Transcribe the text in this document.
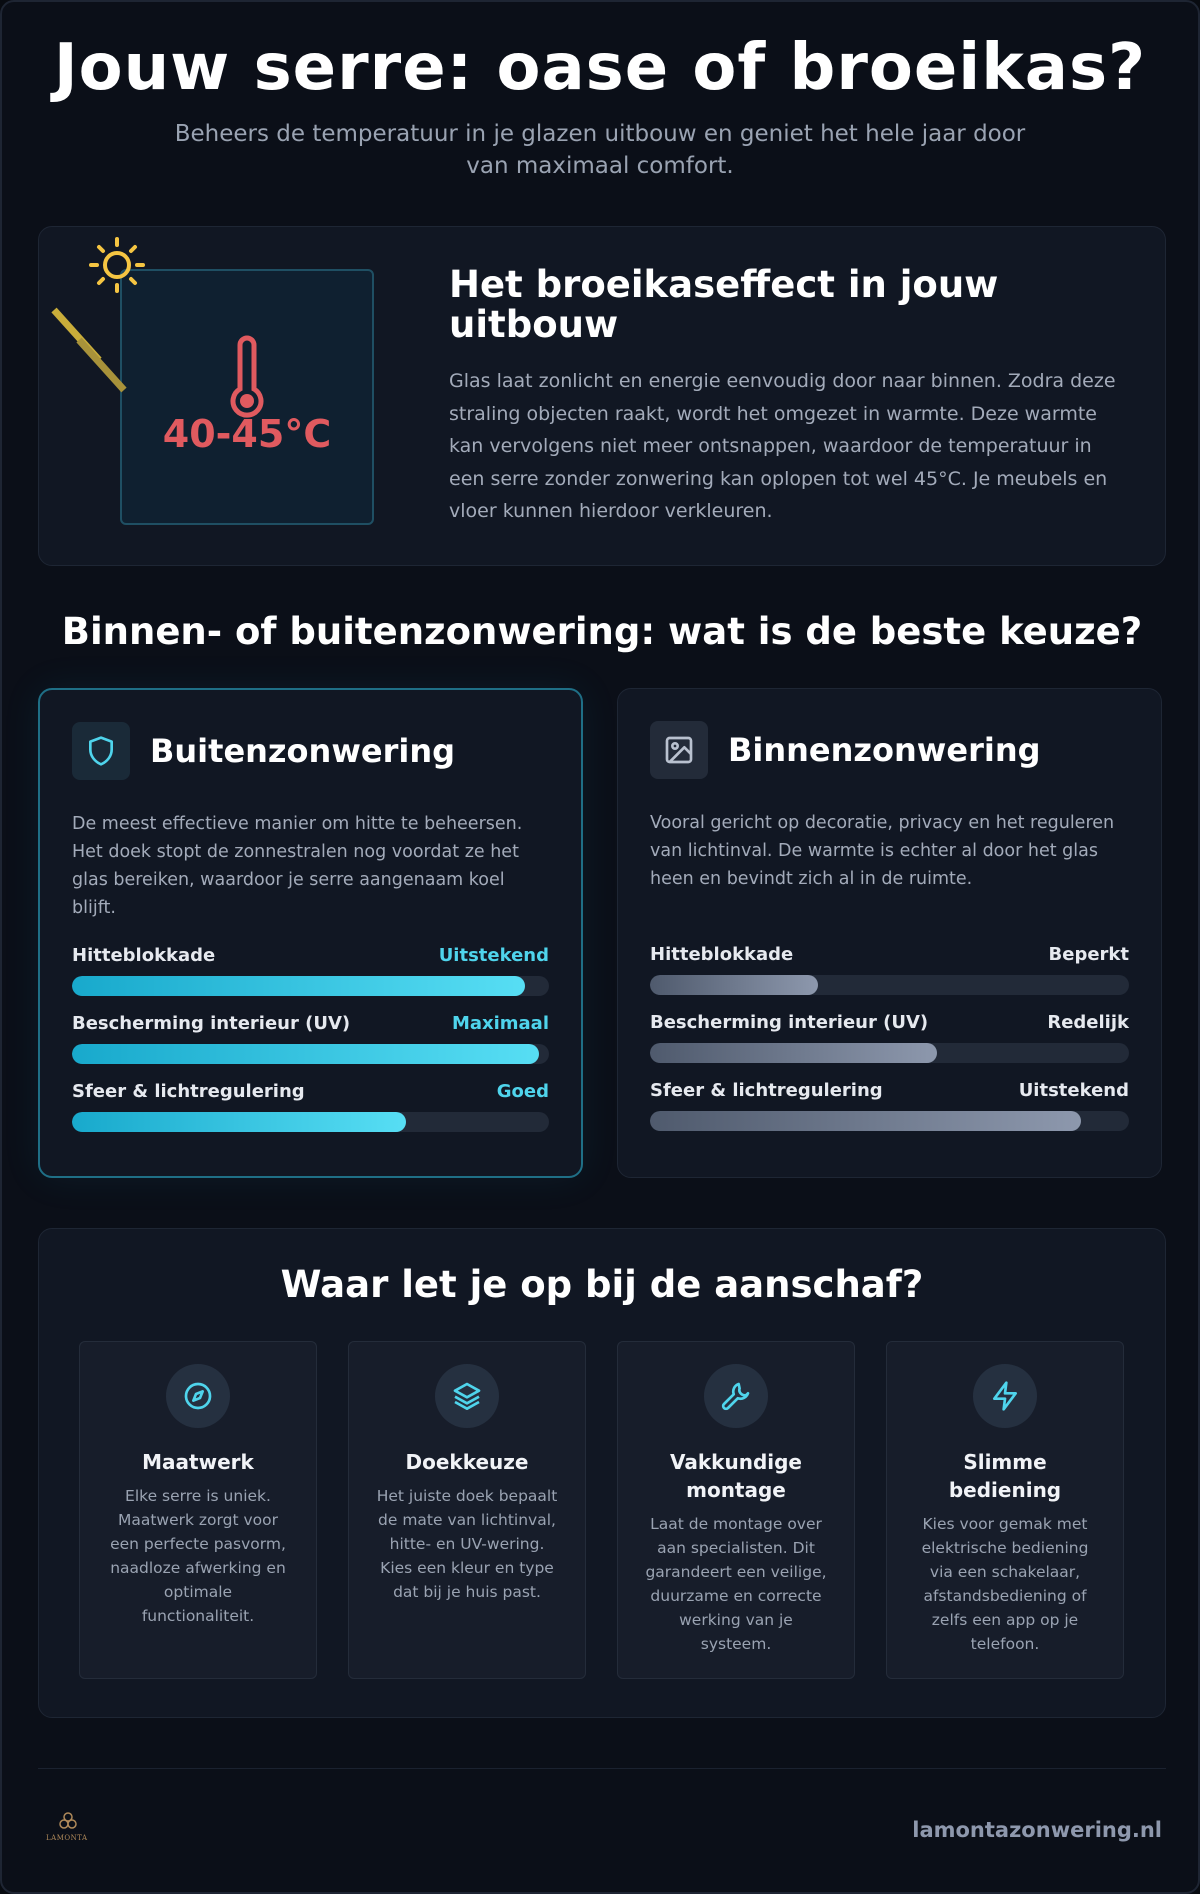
Jouw serre: oase of broeikas?

Beheers de temperatuur in je glazen uitbouw en geniet het hele jaar door van maximaal comfort.

40-45°C
Het broeikaseffect in jouw uitbouw

Glas laat zonlicht en energie eenvoudig door naar binnen. Zodra deze straling objecten raakt, wordt het omgezet in warmte. Deze warmte kan vervolgens niet meer ontsnappen, waardoor de temperatuur in een serre zonder zonwering kan oplopen tot wel 45°C. Je meubels en vloer kunnen hierdoor verkleuren.

Binnen- of buitenzonwering: wat is de beste keuze?
Buitenzonwering

De meest effectieve manier om hitte te beheersen. Het doek stopt de zonnestralen nog voordat ze het glas bereiken, waardoor je serre aangenaam koel blijft.

Hitteblokkade	Uitstekend
Bescherming interieur (UV)	Maximaal
Sfeer & lichtregulering	Goed
Binnenzonwering

Vooral gericht op decoratie, privacy en het reguleren van lichtinval. De warmte is echter al door het glas heen en bevindt zich al in de ruimte.

Hitteblokkade	Beperkt
Bescherming interieur (UV)	Redelijk
Sfeer & lichtregulering	Uitstekend
Waar let je op bij de aanschaf?
Maatwerk
Elke serre is uniek. Maatwerk zorgt voor een perfecte pasvorm, naadloze afwerking en optimale functionaliteit.
Doekkeuze
Het juiste doek bepaalt de mate van lichtinval, hitte- en UV-wering. Kies een kleur en type dat bij je huis past.
Vakkundige montage
Laat de montage over aan specialisten. Dit garandeert een veilige, duurzame en correcte werking van je systeem.
Slimme bediening
Kies voor gemak met elektrische bediening via een schakelaar, afstandsbediening of zelfs een app op je telefoon.
LAMONTA	lamontazonwering.nl
